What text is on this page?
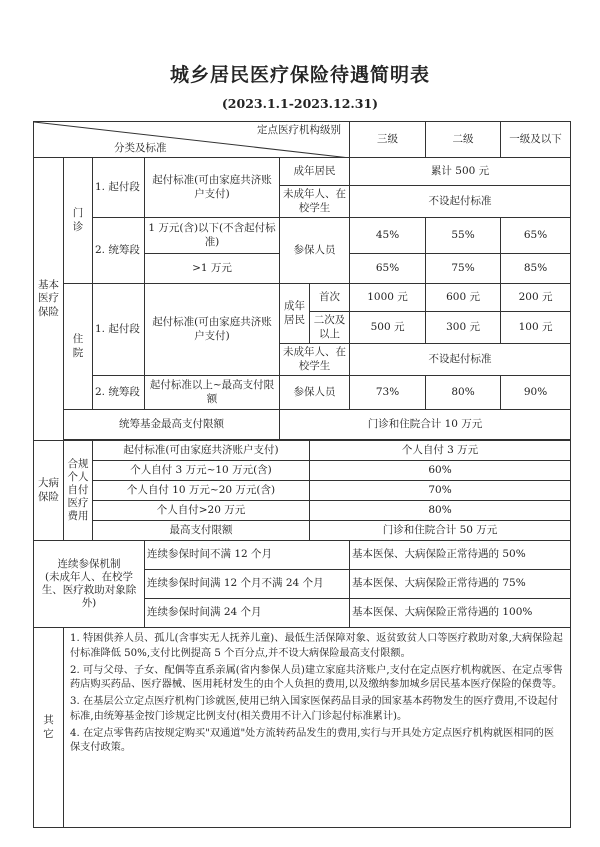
城乡居民医疗保险待遇简明表
(2023.1.1-2023.12.31)
定点医疗机构级别
分类及标准						三级	二级	一级及以下
基本医疗保险	门诊	1. 起付段	起付标准(可由家庭共济账户支付)	成年居民		累计 500 元		
				未成年人、在校学生		不设起付标准		
		2. 统筹段	1 万元(含)以下(不含起付标准)	参保人员		45%	55%	65%
			>1 万元			65%	75%	85%
	住院	1. 起付段	起付标准(可由家庭共济账户支付)	成年居民	首次	1000 元	600 元	200 元
					二次及以上	500 元	300 元	100 元
				未成年人、在校学生		不设起付标准		
		2. 统筹段	起付标准以上~最高支付限额	参保人员		73%	80%	90%
	统筹基金最高支付限额			门诊和住院合计 10 万元				

大病保险	合规个人自付医疗费用	起付标准(可由家庭共济账户支付)			个人自付 3 万元			
		个人自付 3 万元~10 万元(含)			60%			
		个人自付 10 万元~20 万元(含)			70%			
		个人自付>20 万元			80%			
		最高支付限额			门诊和住院合计 50 万元			

连续参保机制
(未成年人、在校学生、医疗救助对象除外)			连续参保时间不满 12 个月			基本医保、大病保险正常待遇的 50%		
			连续参保时间满 12 个月不满 24 个月			基本医保、大病保险正常待遇的 75%		
			连续参保时间满 24 个月			基本医保、大病保险正常待遇的 100%		
其它	1. 特困供养人员、孤儿(含事实无人抚养儿童)、最低生活保障对象、返贫致贫人口等医疗救助对象,大病保险起付标准降低 50%,支付比例提高 5 个百分点,并不设大病保险最高支付限额。

2. 可与父母、子女、配偶等直系亲属(省内参保人员)建立家庭共济账户,支付在定点医疗机构就医、在定点零售药店购买药品、医疗器械、医用耗材发生的由个人负担的费用,以及缴纳参加城乡居民基本医疗保险的保费等。

3. 在基层公立定点医疗机构门诊就医,使用已纳入国家医保药品目录的国家基本药物发生的医疗费用,不设起付标准,由统筹基金按门诊规定比例支付(相关费用不计入门诊起付标准累计)。

4. 在定点零售药店按规定购买"双通道"处方流转药品发生的费用,实行与开具处方定点医疗机构就医相同的医保支付政策。							
